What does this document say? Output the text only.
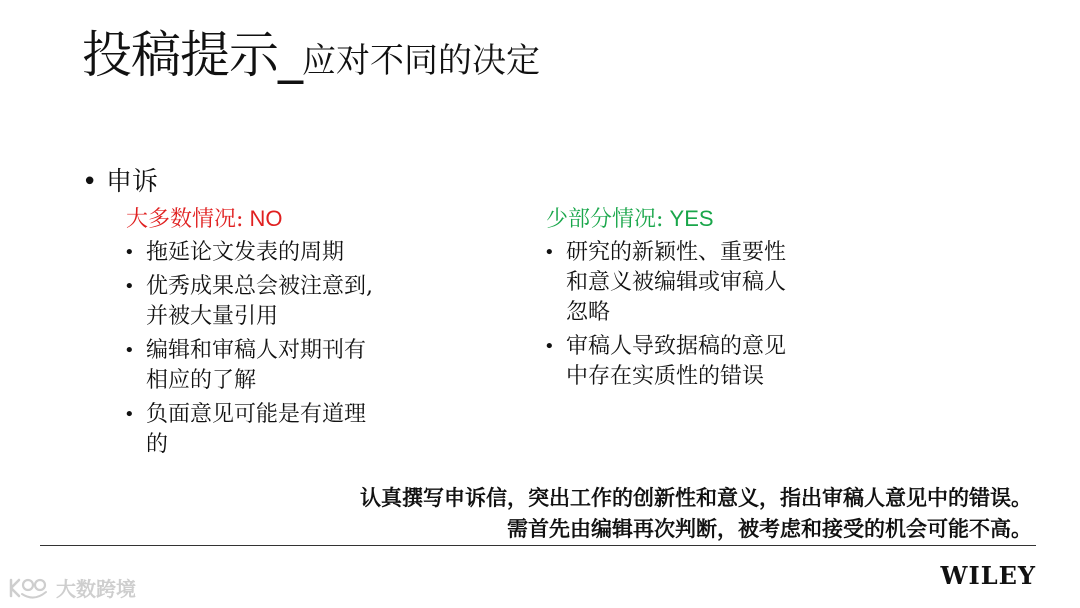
投稿提示_应对不同的决定
• 申诉
大多数情况: NO
• 拖延论文发表的周期
• 优秀成果总会被注意到,
并被大量引用
• 编辑和审稿人对期刊有
相应的了解
• 负面意见可能是有道理
的
少部分情况: YES
• 研究的新颖性、重要性
和意义被编辑或审稿人
忽略
• 审稿人导致据稿的意见
中存在实质性的错误
认真撰写申诉信，突出工作的创新性和意义，指出审稿人意见中的错误。
需首先由编辑再次判断，被考虑和接受的机会可能不高。
大数跨境	WILEY
